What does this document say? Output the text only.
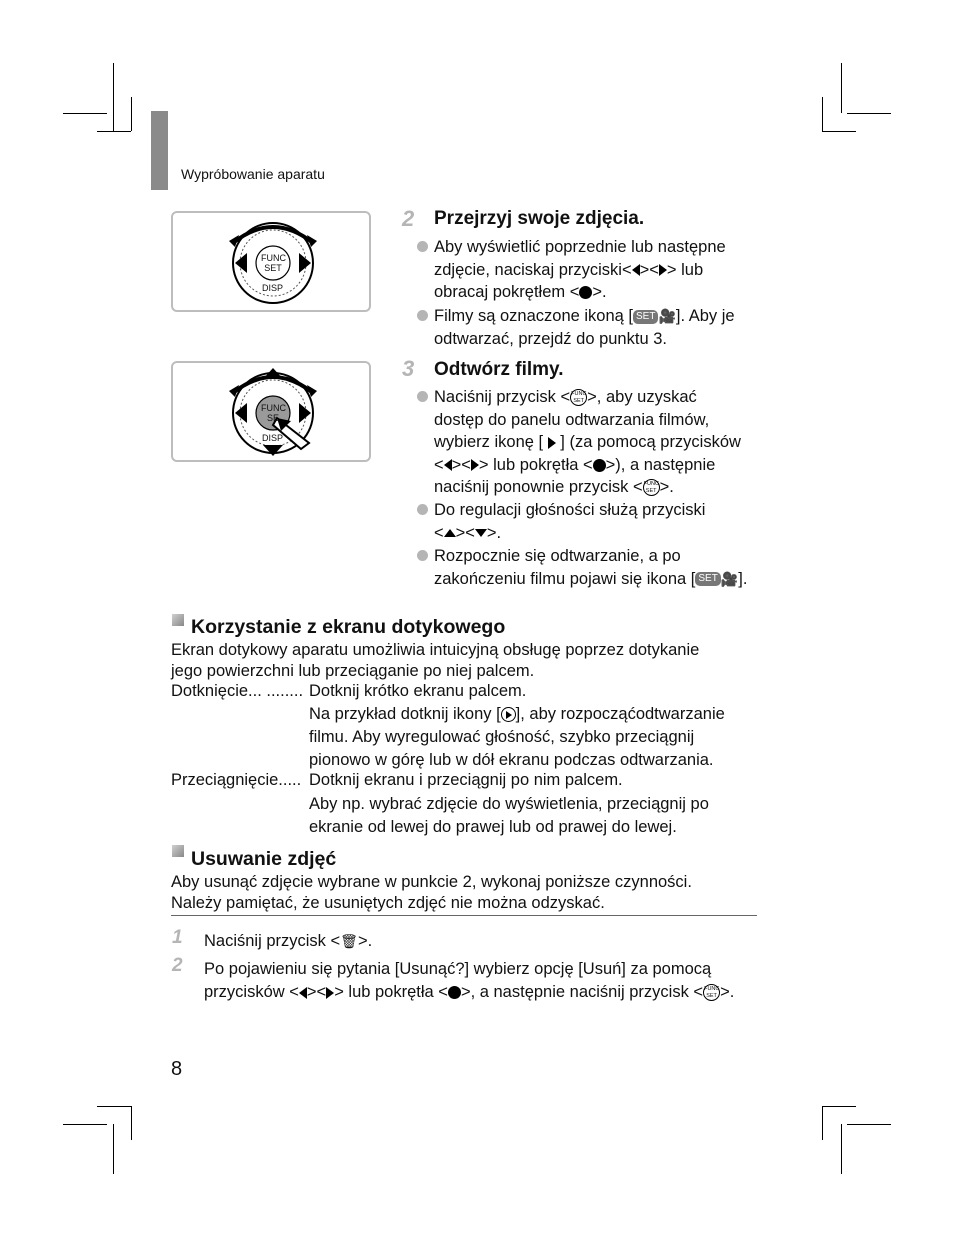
Wypróbowanie aparatu
FUNC
SET
DISP
FUNC
SE
DISP
2 Przejrzyj swoje zdjęcia.
Aby wyświetlić poprzednie lub następne
zdjęcie, naciskaj przyciski< >< > lub
obracaj pokrętłem < >.
Filmy są oznaczone ikoną [ SET 🎥]. Aby je
odtwarzać, przejdź do punktu 3.
3 Odtwórz filmy.
Naciśnij przycisk <FUNC
SET >, aby uzyskać
dostęp do panelu odtwarzania filmów,
wybierz ikonę [  ] (za pomocą przycisków
< >< > lub pokrętła < >), a następnie
naciśnij ponownie przycisk <FUNC
SET >.
Do regulacji głośności służą przyciski
< >< >.
Rozpocznie się odtwarzanie, a po
zakończeniu filmu pojawi się ikona [ SET 🎥].
Korzystanie z ekranu dotykowego
Ekran dotykowy aparatu umożliwia intuicyjną obsługę poprzez dotykanie
jego powierzchni lub przeciąganie po niej palcem.
Dotknięcie... ........ Dotknij krótko ekranu palcem.
Na przykład dotknij ikony [ ], aby rozpocząćodtwarzanie
filmu. Aby wyregulować głośność, szybko przeciągnij
pionowo w górę lub w dół ekranu podczas odtwarzania.
Przeciągnięcie..... Dotknij ekranu i przeciągnij po nim palcem.
Aby np. wybrać zdjęcie do wyświetlenia, przeciągnij po
ekranie od lewej do prawej lub od prawej do lewej.
Usuwanie zdjęć
Aby usunąć zdjęcie wybrane w punkcie 2, wykonaj poniższe czynności.
Należy pamiętać, że usuniętych zdjęć nie można odzyskać.
1 Naciśnij przycisk <🗑>.
2 Po pojawieniu się pytania [Usunąć?] wybierz opcję [Usuń] za pomocą
przycisków < >< > lub pokrętła < >, a następnie naciśnij przycisk <FUNC
SET >.
8
